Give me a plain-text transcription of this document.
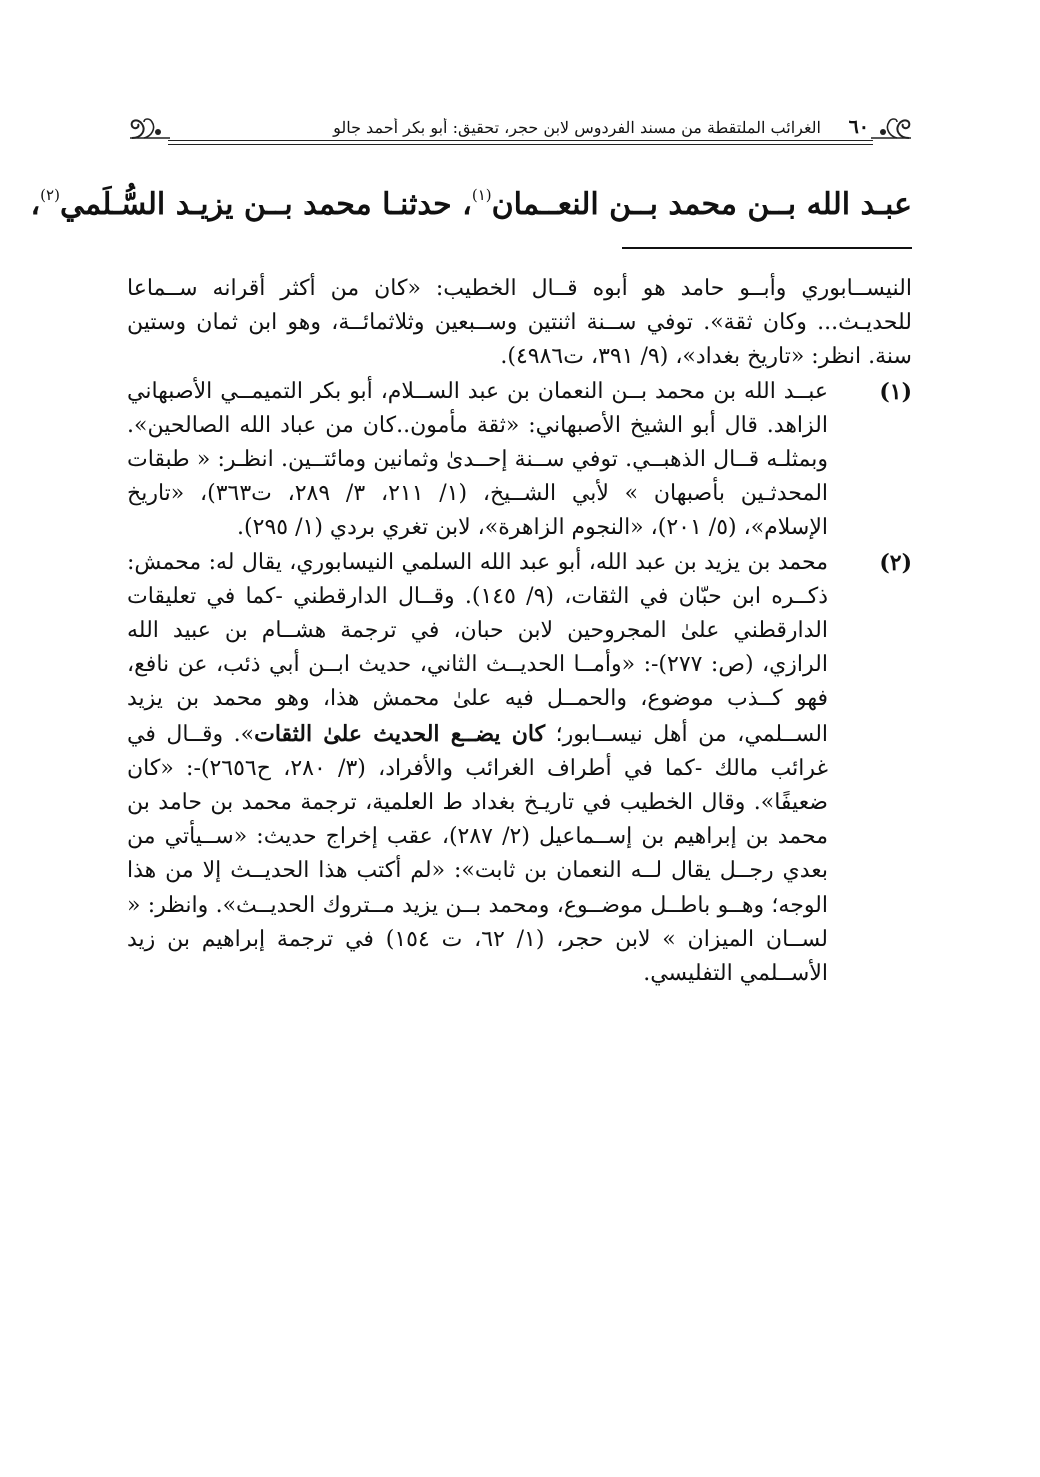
٦٠
الغرائب الملتقطة من مسند الفردوس لابن حجر، تحقيق: أبو بكر أحمد جالو
عبـد الله بــن محمد بــن النعــمان$^{(١)}$، حدثنـا محمد بــن يزيـد السُّـلَمي$^{(٢)}$،

النيســابوري وأبــو حامد هو أبوه قــال الخطيب: «كان من أكثر أقرانه ســماعا للحديـث... وكان ثقة». توفي ســنة اثنتين وســبعين وثلاثمائــة، وهو ابن ثمان وستين سنة. انظر: «تاريخ بغداد»، (٩/ ٣٩١، ت٤٩٨٦).

(١)
عبــد الله بن محمد بــن النعمان بن عبد الســلام، أبو بكر التميمــي الأصبهاني الزاهد. قال أبو الشيخ الأصبهاني: «ثقة مأمون..كان من عباد الله الصالحين». وبمثلـه قــال الذهبــي. توفي ســنة إحــدىٰ وثمانين ومائتــين. انظـر: « طبقات المحدثـين بأصبهان » لأبي الشــيخ، (١/ ٢١١، ٣/ ٢٨٩، ت٣٦٣)، «تاريخ الإسلام»، (٥/ ٢٠١)، «النجوم الزاهرة»، لابن تغري بردي (١/ ٢٩٥).
(٢)
محمد بن يزيد بن عبد الله، أبو عبد الله السلمي النيسابوري، يقال له: محمش: ذكــره ابن حبّان في الثقات، (٩/ ١٤٥). وقــال الدارقطني -كما في تعليقات الدارقطني علىٰ المجروحين لابن حبان، في ترجمة هشــام بن عبيد الله الرازي، (ص: ٢٧٧)-: «وأمــا الحديــث الثاني، حديث ابــن أبي ذئب، عن نافع، فهو كــذب موضوع، والحمــل فيه علىٰ محمش هذا، وهو محمد بن يزيد الســلمي، من أهل نيســابور؛ كان يضــع الحديث علىٰ الثقات». وقــال في غرائب مالك -كما في أطراف الغرائب والأفراد، (٣/ ٢٨٠، ح٢٦٥٦)-: «كان ضعيفًا». وقال الخطيب في تاريـخ بغداد ط العلمية، ترجمة محمد بن حامد بن محمد بن إبراهيم بن إســماعيل (٢/ ٢٨٧)، عقب إخراج حديث: «ســيأتي من بعدي رجــل يقال لــه النعمان بن ثابت»: «لم أكتب هذا الحديــث إلا من هذا الوجه؛ وهــو باطــل موضــوع، ومحمد بــن يزيد مــتروك الحديــث». وانظر: « لســان الميزان » لابن حجر، (١/ ٦٢، ت ١٥٤) في ترجمة إبراهيم بن زيد الأســلمي التفليسي.
